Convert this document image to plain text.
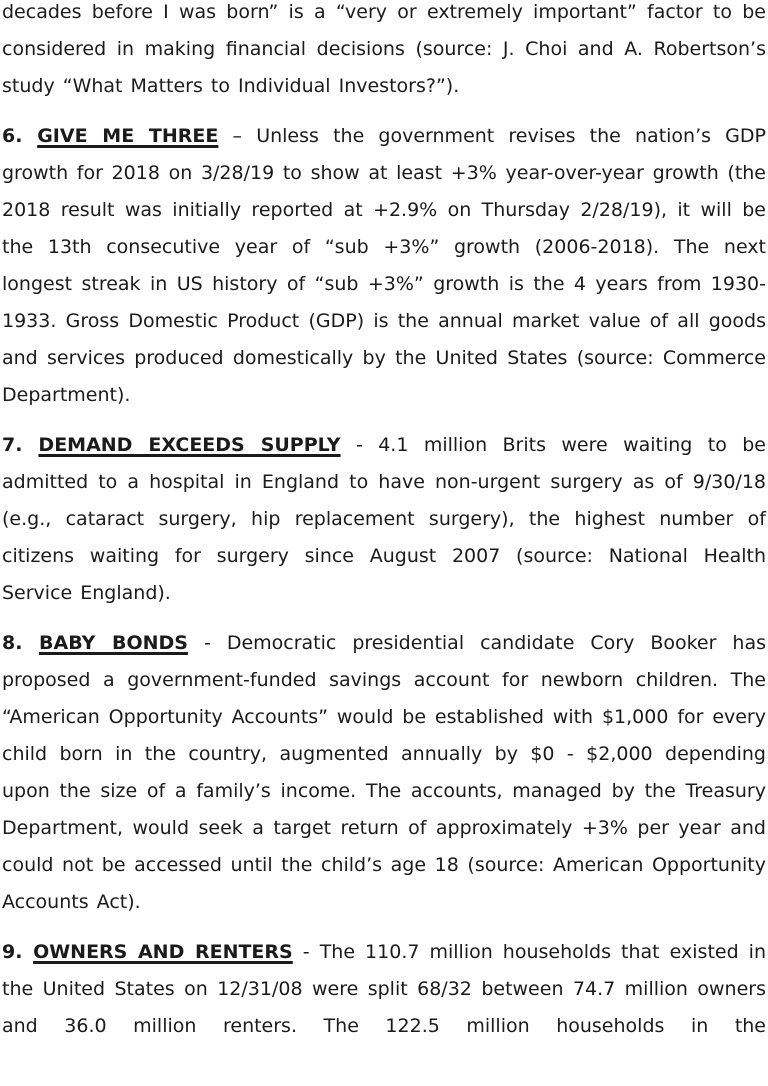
decades before I was born” is a “very or extremely important” factor to be considered in making financial decisions (source: J. Choi and A. Robertson’s study “What Matters to Individual Investors?”).

6. GIVE ME THREE – Unless the government revises the nation’s GDP growth for 2018 on 3/28/19 to show at least +3% year-over-year growth (the 2018 result was initially reported at +2.9% on Thursday 2/28/19), it will be the 13th consecutive year of “sub +3%” growth (2006-2018). The next longest streak in US history of “sub +3%” growth is the 4 years from 1930-1933. Gross Domestic Product (GDP) is the annual market value of all goods and services produced domestically by the United States (source: Commerce Department).

7. DEMAND EXCEEDS SUPPLY - 4.1 million Brits were waiting to be admitted to a hospital in England to have non-urgent surgery as of 9/30/18 (e.g., cataract surgery, hip replacement surgery), the highest number of citizens waiting for surgery since August 2007 (source: National Health Service England).

8. BABY BONDS - Democratic presidential candidate Cory Booker has proposed a government-funded savings account for newborn children. The “American Opportunity Accounts” would be established with $1,000 for every child born in the country, augmented annually by $0 - $2,000 depending upon the size of a family’s income. The accounts, managed by the Treasury Department, would seek a target return of approximately +3% per year and could not be accessed until the child’s age 18 (source: American Opportunity Accounts Act).

9. OWNERS AND RENTERS - The 110.7 million households that existed in the United States on 12/31/08 were split 68/32 between 74.7 million owners and 36.0 million renters. The 122.5 million households in the
